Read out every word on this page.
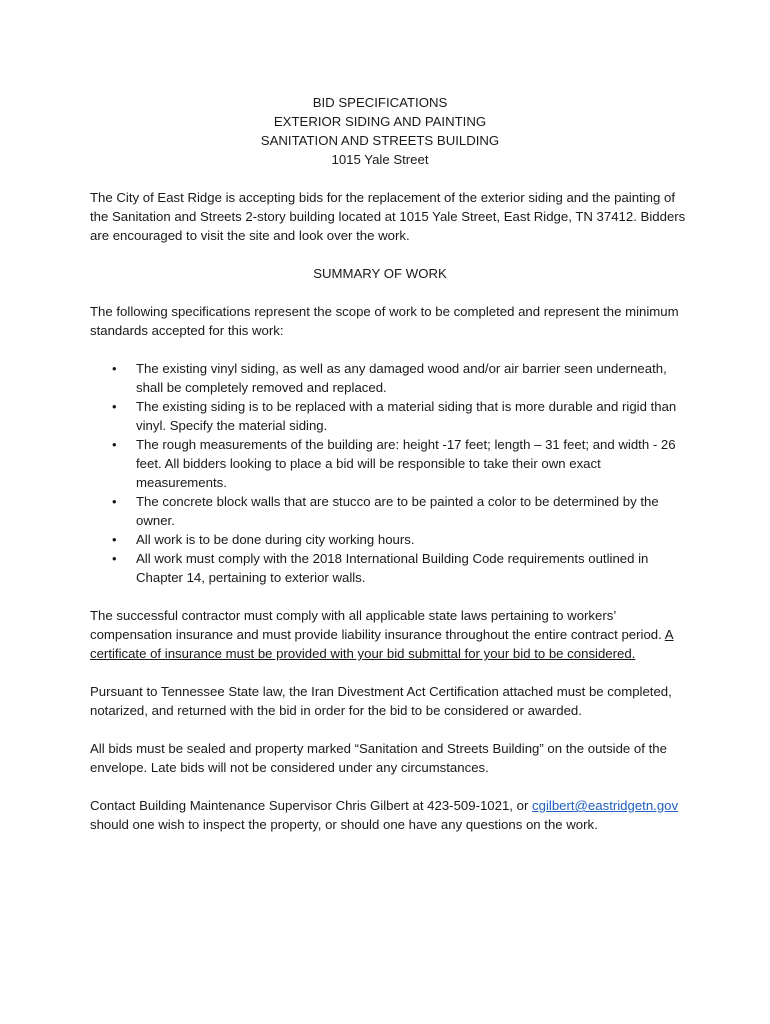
BID SPECIFICATIONS
EXTERIOR SIDING AND PAINTING
SANITATION AND STREETS BUILDING
1015 Yale Street

The City of East Ridge is accepting bids for the replacement of the exterior siding and the painting of the Sanitation and Streets 2-story building located at 1015 Yale Street, East Ridge, TN 37412. Bidders are encouraged to visit the site and look over the work.

SUMMARY OF WORK

The following specifications represent the scope of work to be completed and represent the minimum standards accepted for this work:

• The existing vinyl siding, as well as any damaged wood and/or air barrier seen underneath, shall be completely removed and replaced.
• The existing siding is to be replaced with a material siding that is more durable and rigid than vinyl. Specify the material siding.
• The rough measurements of the building are: height -17 feet; length – 31 feet; and width - 26 feet. All bidders looking to place a bid will be responsible to take their own exact measurements.
• The concrete block walls that are stucco are to be painted a color to be determined by the owner.
• All work is to be done during city working hours.
• All work must comply with the 2018 International Building Code requirements outlined in Chapter 14, pertaining to exterior walls.

The successful contractor must comply with all applicable state laws pertaining to workers’ compensation insurance and must provide liability insurance throughout the entire contract period. A certificate of insurance must be provided with your bid submittal for your bid to be considered.

Pursuant to Tennessee State law, the Iran Divestment Act Certification attached must be completed, notarized, and returned with the bid in order for the bid to be considered or awarded.

All bids must be sealed and property marked “Sanitation and Streets Building” on the outside of the envelope. Late bids will not be considered under any circumstances.

Contact Building Maintenance Supervisor Chris Gilbert at 423-509-1021, or cgilbert@eastridgetn.gov should one wish to inspect the property, or should one have any questions on the work.
